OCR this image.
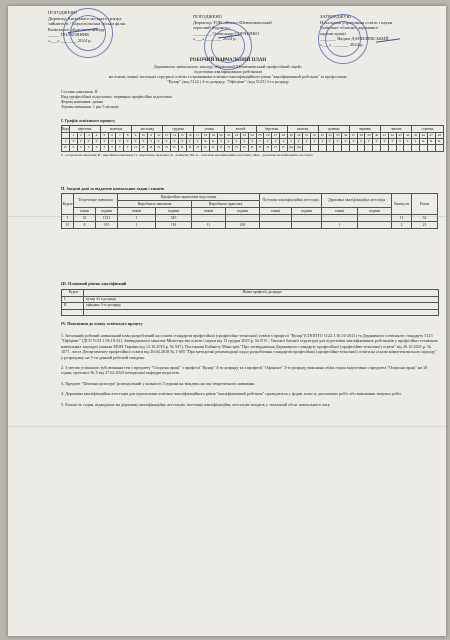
ПОГОДЖЕНО
Директор Київського міського центру
зайнятості / Бориспільська міська філія
Київського обласного центру
_____ ПОЛКОВНИК
«___» _______ 2024 р.
ПОГОДЖЕНО
Директор ТОВ «Бізнес-Шевченківський
торговий будинок»
________ Олександр СОБЧЕНКО
«___» _______ 2024 р.
ЗАТВЕРДЖУЮ
Начальник управління освіти і науки
Київської обласної державної
адміністрації
_______ Вадим ДАНИЛЕВСЬКИЙ
«___» _______ 2024 р.
РОБОЧИЙ НАВЧАЛЬНИЙ ПЛАН
Державного навчального закладу «Київський Шевченківський професійний ліцей»
підготовки кваліфікованих робітників
на основі повної загальної середньої освіти з отриманням освітньо-кваліфікаційного рівня "кваліфікований робітник" за професіями:
"Кухар" (код 5122 ) 4-го розряду; "Офіціант" (код 5123) 3-го розряду
Ступінь навчання: ІІ
Вид професійної підготовки: первинна професійна підготовка
Форма навчання: денна
Термін навчання: 1 рік 5 місяців
І. Графік освітнього процесу
Курс	вересень				жовтень				листопад				грудень				січень				лютий				березень				квітень				травень				червень				липень				серпень			
	1	2	3	4	5	6	7	8	9	10	11	12	13	14	15	16	17	18	19	20	21	22	23	24	25	26	27	28	29	30	31	32	33	34	35	36	37	38	39	40	41	42	43	44	45	46	47	48
I	Т	Т	Т	Т	Т	Т	Т	Т	Т	Т	Т	Т	Т	Т	Т	Т	Т	К	К	Т	Т	Т	Т	Т	Т	Т	Т	Т	Т	Т	Т	Т	Т	Т	Т	Т	Т	Т	Т	Т	Т	Т	Т	Т	Т	К	К	К
II	Т	Т	Т	Т	Т	Т	Т	Т	П	П	П	П	П	П	П	П	П	К	К	П	П	П	П	П	П	П	П	П	ДА	ДА																		
Т - теоретичне навчання; В - виробниче навчання; П - виробнича практика; К - канікули; ПК-А - поетапна кваліфікаційна атестація; ДКА - державна кваліфікаційна атестація
ІІ. Зведені дані за віддачею навчальних годин і тижнів
Курси	Теоретичне навчання		Професійно-практична підготовка				Поетапна кваліфікаційна атестація		Державна кваліфікаційна атестація		Канікули	Разом
			Виробниче навчання		Виробнича практика							
	тижні	години	тижні	години	тижні	години	тижні	години	тижні	години		
I	31	1131	1	545							11	52
II	8	315	1	118	11	430			1		2	21
ІІІ. Плановий рівень кваліфікацій
Курси	Назва професії, розряди
I	кухар 4-го розряду
II	офіціант 3-го розряду

IV. Пояснення до плану освітнього процесу

1. Загальний робочий навчальний план розроблений на основі стандартів професійної (професійно-технічної) освіти з професії "Кухар"(СПОПТО 5122.1.56.10-2021) та Державного освітнього стандарту 5123 "Офіціант" (ДСО 5123.1.56.10-22). Затвердженого наказом Міністерства освіти і науки від 15 грудня 2023 р. №1515 ; Типової базової структури для підготовки кваліфікованих робітників у професійно-технічних навчальних закладах (накази МОН України від 13.10.2010 р. № 947), Постанови Кабінету Міністрів "Про затвердження Державного стандарту професійної (професійно-технічної) освіти" від 20.10.2021 р. № 1077, листа Департаменту професійної освіти від 20.04.2018 № 1-695 "Про методичні рекомендації щодо розроблення стандартів професійної (професійно-технічної) освіти на основі компетентнісного підходу" у розрахунку на 5-ти денний робочий тиждень.

2. З метою успішного зубілювання тем з предмету "Охорона праці" з професії "Кухар" 4-го розряду та з професії "Офіціант" 3-го розряду виконано облік годин підготовки з предмета "Охорона праці" на 10 годин, протокол № 5 від 27.02.2024 методичної кафедри педагогів.

3. Предмет "Фізична культура" розподілений у кількості 3 години на тиждень на час теоретичного навчання.

4. Державна кваліфікаційна атестація для присвоєння освітньо-кваліфікаційного рівня "кваліфікований робітник" проводиться у формі захисту дипломних робіт або виконання творчих робіт.

5. Кількість годин, відведених на державну кваліфікаційну атестацію, поетапну кваліфікаційну атестацію входить у загальний обсяг навчального часу.
